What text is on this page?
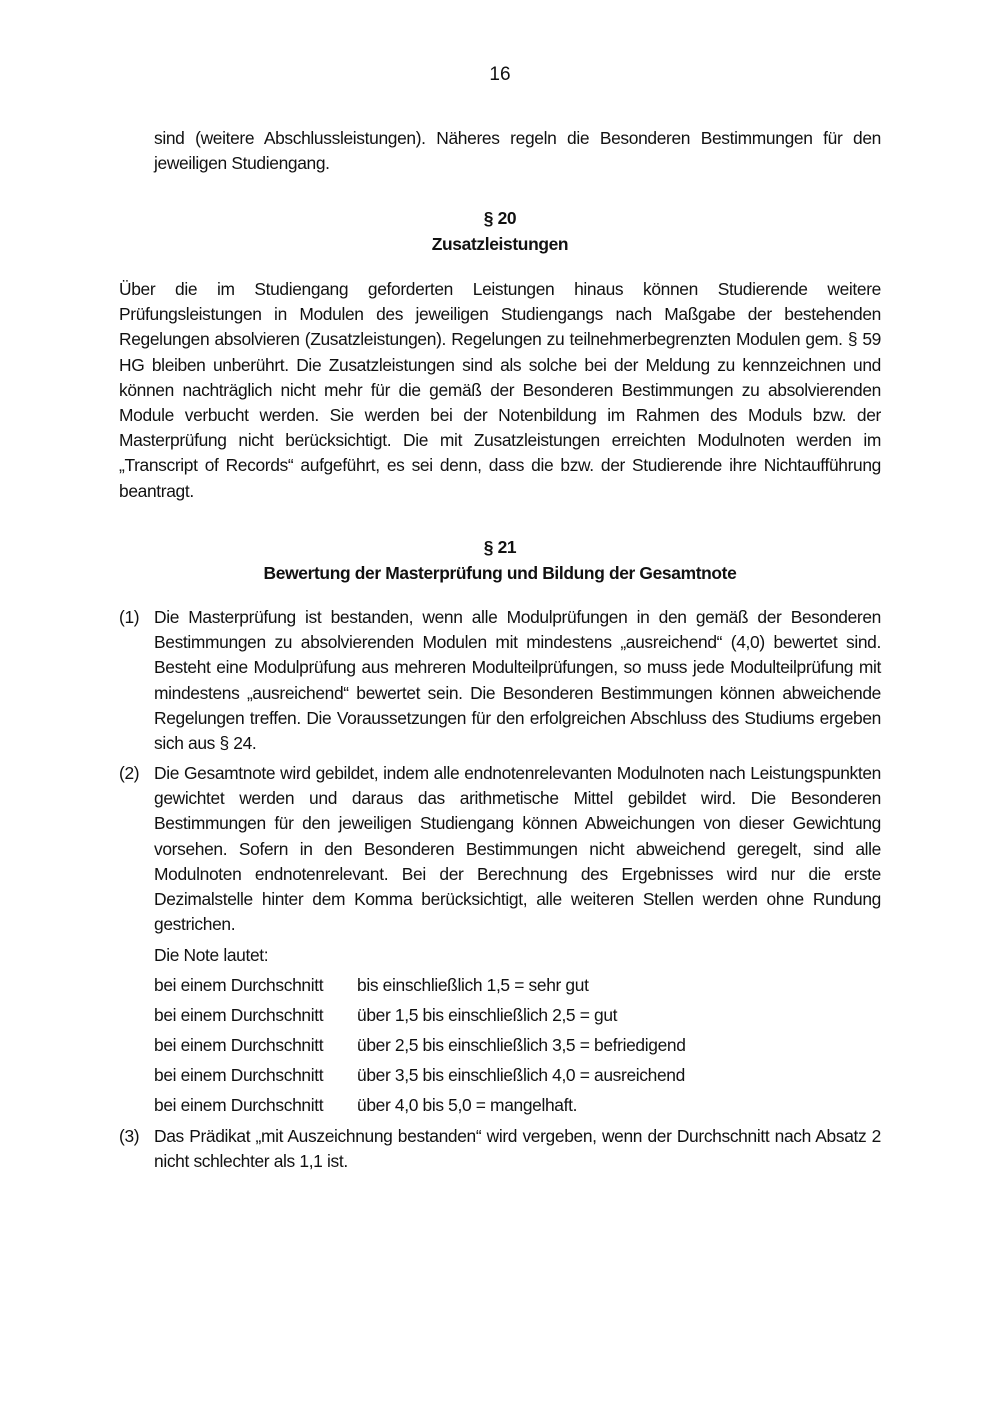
16

sind (weitere Abschlussleistungen). Näheres regeln die Besonderen Bestimmungen für den jeweiligen Studiengang.

§ 20
Zusatzleistungen

Über die im Studiengang geforderten Leistungen hinaus können Studierende weitere Prüfungsleistungen in Modulen des jeweiligen Studiengangs nach Maßgabe der bestehenden Regelungen absolvieren (Zusatzleistungen). Regelungen zu teilnehmerbegrenzten Modulen gem. § 59 HG bleiben unberührt. Die Zusatzleistungen sind als solche bei der Meldung zu kennzeichnen und können nachträglich nicht mehr für die gemäß der Besonderen Bestimmungen zu absolvierenden Module verbucht werden. Sie werden bei der Notenbildung im Rahmen des Moduls bzw. der Masterprüfung nicht berücksichtigt. Die mit Zusatzleistungen erreichten Modulnoten werden im „Transcript of Records“ aufgeführt, es sei denn, dass die bzw. der Studierende ihre Nichtaufführung beantragt.

§ 21
Bewertung der Masterprüfung und Bildung der Gesamtnote
(1) Die Masterprüfung ist bestanden, wenn alle Modulprüfungen in den gemäß der Besonderen Bestimmungen zu absolvierenden Modulen mit mindestens „ausreichend“ (4,0) bewertet sind. Besteht eine Modulprüfung aus mehreren Modulteilprüfungen, so muss jede Modulteilprüfung mit mindestens „ausreichend“ bewertet sein. Die Besonderen Bestimmungen können abweichende Regelungen treffen. Die Voraussetzungen für den erfolgreichen Abschluss des Studiums ergeben sich aus § 24.

(2) Die Gesamtnote wird gebildet, indem alle endnotenrelevanten Modulnoten nach Leistungspunkten gewichtet werden und daraus das arithmetische Mittel gebildet wird. Die Besonderen Bestimmungen für den jeweiligen Studiengang können Abweichungen von dieser Gewichtung vorsehen. Sofern in den Besonderen Bestimmungen nicht abweichend geregelt, sind alle Modulnoten endnotenrelevant. Bei der Berechnung des Ergebnisses wird nur die erste Dezimalstelle hinter dem Komma berücksichtigt, alle weiteren Stellen werden ohne Rundung gestrichen.

(3) Das Prädikat „mit Auszeichnung bestanden“ wird vergeben, wenn der Durchschnitt nach Absatz 2 nicht schlechter als 1,1 ist.

Die Note lautet:
bei einem Durchschnitt bis einschließlich 1,5 = sehr gut
bei einem Durchschnitt über 1,5 bis einschließlich 2,5 = gut
bei einem Durchschnitt über 2,5 bis einschließlich 3,5 = befriedigend
bei einem Durchschnitt über 3,5 bis einschließlich 4,0 = ausreichend
bei einem Durchschnitt über 4,0 bis 5,0 = mangelhaft.
